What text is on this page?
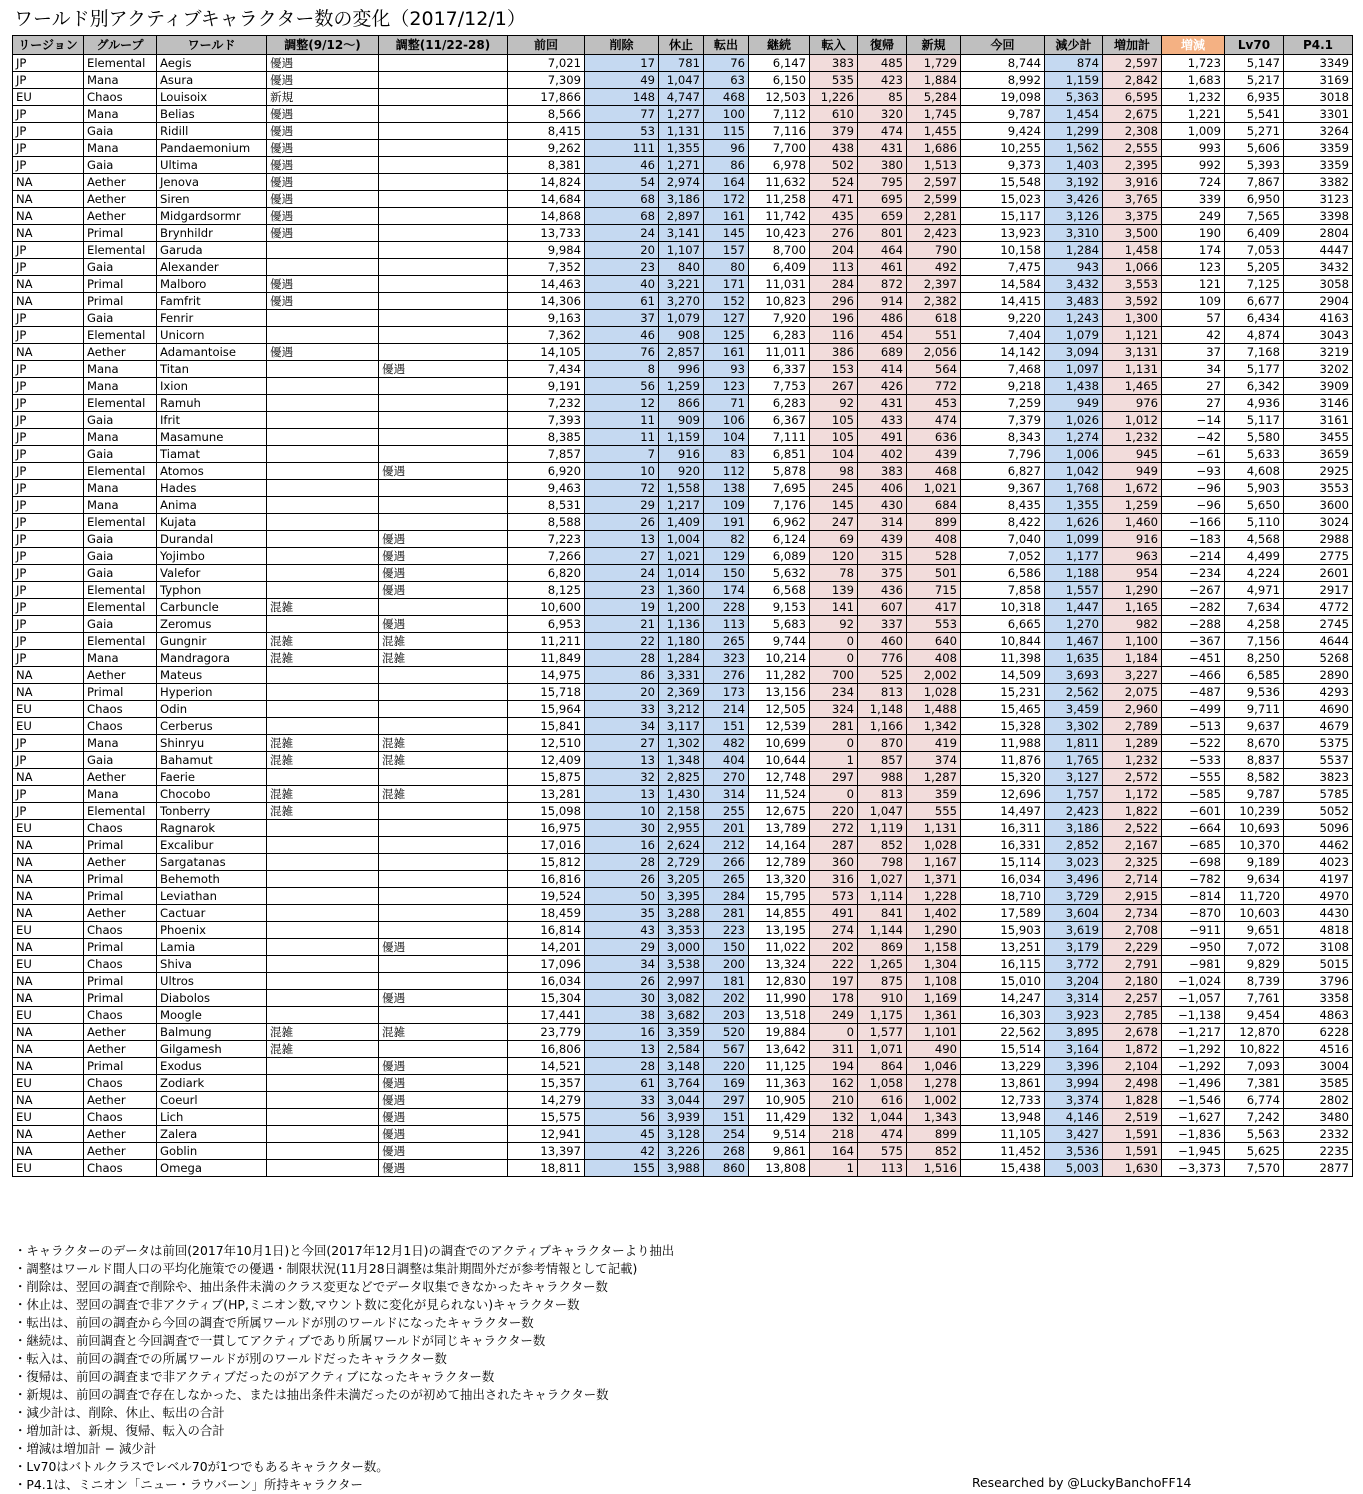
ワールド別アクティブキャラクター数の変化（2017/12/1）
リージョン	グループ	ワールド	調整(9/12～)	調整(11/22-28)	前回	削除	休止	転出	継続	転入	復帰	新規	今回	減少計	増加計	増減	Lv70	P4.1
JP	Elemental	Aegis	優遇		7,021	17	781	76	6,147	383	485	1,729	8,744	874	2,597	1,723	5,147	3349
JP	Mana	Asura	優遇		7,309	49	1,047	63	6,150	535	423	1,884	8,992	1,159	2,842	1,683	5,217	3169
EU	Chaos	Louisoix	新規		17,866	148	4,747	468	12,503	1,226	85	5,284	19,098	5,363	6,595	1,232	6,935	3018
JP	Mana	Belias	優遇		8,566	77	1,277	100	7,112	610	320	1,745	9,787	1,454	2,675	1,221	5,541	3301
JP	Gaia	Ridill	優遇		8,415	53	1,131	115	7,116	379	474	1,455	9,424	1,299	2,308	1,009	5,271	3264
JP	Mana	Pandaemonium	優遇		9,262	111	1,355	96	7,700	438	431	1,686	10,255	1,562	2,555	993	5,606	3359
JP	Gaia	Ultima	優遇		8,381	46	1,271	86	6,978	502	380	1,513	9,373	1,403	2,395	992	5,393	3359
NA	Aether	Jenova	優遇		14,824	54	2,974	164	11,632	524	795	2,597	15,548	3,192	3,916	724	7,867	3382
NA	Aether	Siren	優遇		14,684	68	3,186	172	11,258	471	695	2,599	15,023	3,426	3,765	339	6,950	3123
NA	Aether	Midgardsormr	優遇		14,868	68	2,897	161	11,742	435	659	2,281	15,117	3,126	3,375	249	7,565	3398
NA	Primal	Brynhildr	優遇		13,733	24	3,141	145	10,423	276	801	2,423	13,923	3,310	3,500	190	6,409	2804
JP	Elemental	Garuda			9,984	20	1,107	157	8,700	204	464	790	10,158	1,284	1,458	174	7,053	4447
JP	Gaia	Alexander			7,352	23	840	80	6,409	113	461	492	7,475	943	1,066	123	5,205	3432
NA	Primal	Malboro	優遇		14,463	40	3,221	171	11,031	284	872	2,397	14,584	3,432	3,553	121	7,125	3058
NA	Primal	Famfrit	優遇		14,306	61	3,270	152	10,823	296	914	2,382	14,415	3,483	3,592	109	6,677	2904
JP	Gaia	Fenrir			9,163	37	1,079	127	7,920	196	486	618	9,220	1,243	1,300	57	6,434	4163
JP	Elemental	Unicorn			7,362	46	908	125	6,283	116	454	551	7,404	1,079	1,121	42	4,874	3043
NA	Aether	Adamantoise	優遇		14,105	76	2,857	161	11,011	386	689	2,056	14,142	3,094	3,131	37	7,168	3219
JP	Mana	Titan		優遇	7,434	8	996	93	6,337	153	414	564	7,468	1,097	1,131	34	5,177	3202
JP	Mana	Ixion			9,191	56	1,259	123	7,753	267	426	772	9,218	1,438	1,465	27	6,342	3909
JP	Elemental	Ramuh			7,232	12	866	71	6,283	92	431	453	7,259	949	976	27	4,936	3146
JP	Gaia	Ifrit			7,393	11	909	106	6,367	105	433	474	7,379	1,026	1,012	−14	5,117	3161
JP	Mana	Masamune			8,385	11	1,159	104	7,111	105	491	636	8,343	1,274	1,232	−42	5,580	3455
JP	Gaia	Tiamat			7,857	7	916	83	6,851	104	402	439	7,796	1,006	945	−61	5,633	3659
JP	Elemental	Atomos		優遇	6,920	10	920	112	5,878	98	383	468	6,827	1,042	949	−93	4,608	2925
JP	Mana	Hades			9,463	72	1,558	138	7,695	245	406	1,021	9,367	1,768	1,672	−96	5,903	3553
JP	Mana	Anima			8,531	29	1,217	109	7,176	145	430	684	8,435	1,355	1,259	−96	5,650	3600
JP	Elemental	Kujata			8,588	26	1,409	191	6,962	247	314	899	8,422	1,626	1,460	−166	5,110	3024
JP	Gaia	Durandal		優遇	7,223	13	1,004	82	6,124	69	439	408	7,040	1,099	916	−183	4,568	2988
JP	Gaia	Yojimbo		優遇	7,266	27	1,021	129	6,089	120	315	528	7,052	1,177	963	−214	4,499	2775
JP	Gaia	Valefor		優遇	6,820	24	1,014	150	5,632	78	375	501	6,586	1,188	954	−234	4,224	2601
JP	Elemental	Typhon		優遇	8,125	23	1,360	174	6,568	139	436	715	7,858	1,557	1,290	−267	4,971	2917
JP	Elemental	Carbuncle	混雑		10,600	19	1,200	228	9,153	141	607	417	10,318	1,447	1,165	−282	7,634	4772
JP	Gaia	Zeromus		優遇	6,953	21	1,136	113	5,683	92	337	553	6,665	1,270	982	−288	4,258	2745
JP	Elemental	Gungnir	混雑	混雑	11,211	22	1,180	265	9,744	0	460	640	10,844	1,467	1,100	−367	7,156	4644
JP	Mana	Mandragora	混雑	混雑	11,849	28	1,284	323	10,214	0	776	408	11,398	1,635	1,184	−451	8,250	5268
NA	Aether	Mateus			14,975	86	3,331	276	11,282	700	525	2,002	14,509	3,693	3,227	−466	6,585	2890
NA	Primal	Hyperion			15,718	20	2,369	173	13,156	234	813	1,028	15,231	2,562	2,075	−487	9,536	4293
EU	Chaos	Odin			15,964	33	3,212	214	12,505	324	1,148	1,488	15,465	3,459	2,960	−499	9,711	4690
EU	Chaos	Cerberus			15,841	34	3,117	151	12,539	281	1,166	1,342	15,328	3,302	2,789	−513	9,637	4679
JP	Mana	Shinryu	混雑	混雑	12,510	27	1,302	482	10,699	0	870	419	11,988	1,811	1,289	−522	8,670	5375
JP	Gaia	Bahamut	混雑	混雑	12,409	13	1,348	404	10,644	1	857	374	11,876	1,765	1,232	−533	8,837	5537
NA	Aether	Faerie			15,875	32	2,825	270	12,748	297	988	1,287	15,320	3,127	2,572	−555	8,582	3823
JP	Mana	Chocobo	混雑	混雑	13,281	13	1,430	314	11,524	0	813	359	12,696	1,757	1,172	−585	9,787	5785
JP	Elemental	Tonberry	混雑		15,098	10	2,158	255	12,675	220	1,047	555	14,497	2,423	1,822	−601	10,239	5052
EU	Chaos	Ragnarok			16,975	30	2,955	201	13,789	272	1,119	1,131	16,311	3,186	2,522	−664	10,693	5096
NA	Primal	Excalibur			17,016	16	2,624	212	14,164	287	852	1,028	16,331	2,852	2,167	−685	10,370	4462
NA	Aether	Sargatanas			15,812	28	2,729	266	12,789	360	798	1,167	15,114	3,023	2,325	−698	9,189	4023
NA	Primal	Behemoth			16,816	26	3,205	265	13,320	316	1,027	1,371	16,034	3,496	2,714	−782	9,634	4197
NA	Primal	Leviathan			19,524	50	3,395	284	15,795	573	1,114	1,228	18,710	3,729	2,915	−814	11,720	4970
NA	Aether	Cactuar			18,459	35	3,288	281	14,855	491	841	1,402	17,589	3,604	2,734	−870	10,603	4430
EU	Chaos	Phoenix			16,814	43	3,353	223	13,195	274	1,144	1,290	15,903	3,619	2,708	−911	9,651	4818
NA	Primal	Lamia		優遇	14,201	29	3,000	150	11,022	202	869	1,158	13,251	3,179	2,229	−950	7,072	3108
EU	Chaos	Shiva			17,096	34	3,538	200	13,324	222	1,265	1,304	16,115	3,772	2,791	−981	9,829	5015
NA	Primal	Ultros			16,034	26	2,997	181	12,830	197	875	1,108	15,010	3,204	2,180	−1,024	8,739	3796
NA	Primal	Diabolos		優遇	15,304	30	3,082	202	11,990	178	910	1,169	14,247	3,314	2,257	−1,057	7,761	3358
EU	Chaos	Moogle			17,441	38	3,682	203	13,518	249	1,175	1,361	16,303	3,923	2,785	−1,138	9,454	4863
NA	Aether	Balmung	混雑	混雑	23,779	16	3,359	520	19,884	0	1,577	1,101	22,562	3,895	2,678	−1,217	12,870	6228
NA	Aether	Gilgamesh	混雑		16,806	13	2,584	567	13,642	311	1,071	490	15,514	3,164	1,872	−1,292	10,822	4516
NA	Primal	Exodus		優遇	14,521	28	3,148	220	11,125	194	864	1,046	13,229	3,396	2,104	−1,292	7,093	3004
EU	Chaos	Zodiark		優遇	15,357	61	3,764	169	11,363	162	1,058	1,278	13,861	3,994	2,498	−1,496	7,381	3585
NA	Aether	Coeurl		優遇	14,279	33	3,044	297	10,905	210	616	1,002	12,733	3,374	1,828	−1,546	6,774	2802
EU	Chaos	Lich		優遇	15,575	56	3,939	151	11,429	132	1,044	1,343	13,948	4,146	2,519	−1,627	7,242	3480
NA	Aether	Zalera		優遇	12,941	45	3,128	254	9,514	218	474	899	11,105	3,427	1,591	−1,836	5,563	2332
NA	Aether	Goblin		優遇	13,397	42	3,226	268	9,861	164	575	852	11,452	3,536	1,591	−1,945	5,625	2235
EU	Chaos	Omega		優遇	18,811	155	3,988	860	13,808	1	113	1,516	15,438	5,003	1,630	−3,373	7,570	2877
・キャラクターのデータは前回(2017年10月1日)と今回(2017年12月1日)の調査でのアクティブキャラクターより抽出
・調整はワールド間人口の平均化施策での優遇・制限状況(11月28日調整は集計期間外だが参考情報として記載)
・削除は、翌回の調査で削除や、抽出条件未満のクラス変更などでデータ収集できなかったキャラクター数
・休止は、翌回の調査で非アクティブ(HP,ミニオン数,マウント数に変化が見られない)キャラクター数
・転出は、前回の調査から今回の調査で所属ワールドが別のワールドになったキャラクター数
・継続は、前回調査と今回調査で一貫してアクティブであり所属ワールドが同じキャラクター数
・転入は、前回の調査での所属ワールドが別のワールドだったキャラクター数
・復帰は、前回の調査まで非アクティブだったのがアクティブになったキャラクター数
・新規は、前回の調査で存在しなかった、または抽出条件未満だったのが初めて抽出されたキャラクター数
・減少計は、削除、休止、転出の合計
・増加計は、新規、復帰、転入の合計
・増減は増加計 − 減少計
・Lv70はバトルクラスでレベル70が1つでもあるキャラクター数。
・P4.1は、ミニオン「ニュー・ラウバーン」所持キャラクター	Researched by @LuckyBanchoFF14
